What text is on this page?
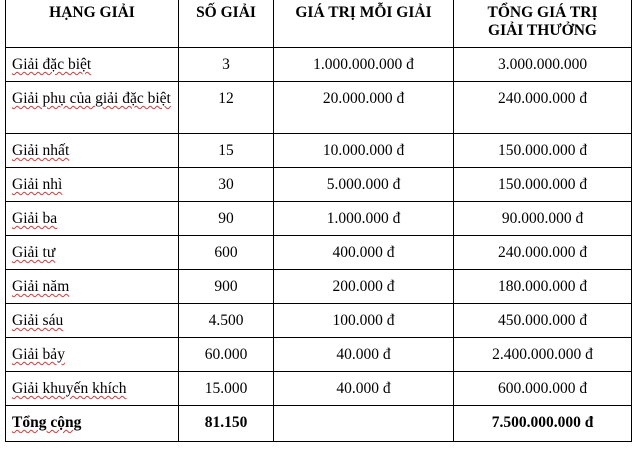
HẠNG GIẢI	SỐ GIẢI	GIÁ TRỊ MỖI GIẢI	TỔNG GIÁ TRỊ
GIẢI THƯỞNG
Giải đặc biệt	3	1.000.000.000 đ	3.000.000.000
Giải phụ của giải đặc biệt	12	20.000.000 đ	240.000.000 đ
Giải nhất	15	10.000.000 đ	150.000.000 đ
Giải nhì	30	5.000.000 đ	150.000.000 đ
Giải ba	90	1.000.000 đ	90.000.000 đ
Giải tư	600	400.000 đ	240.000.000 đ
Giải năm	900	200.000 đ	180.000.000 đ
Giải sáu	4.500	100.000 đ	450.000.000 đ
Giải bảy	60.000	40.000 đ	2.400.000.000 đ
Giải khuyến khích	15.000	40.000 đ	600.000.000 đ
Tổng cộng	81.150		7.500.000.000 đ
